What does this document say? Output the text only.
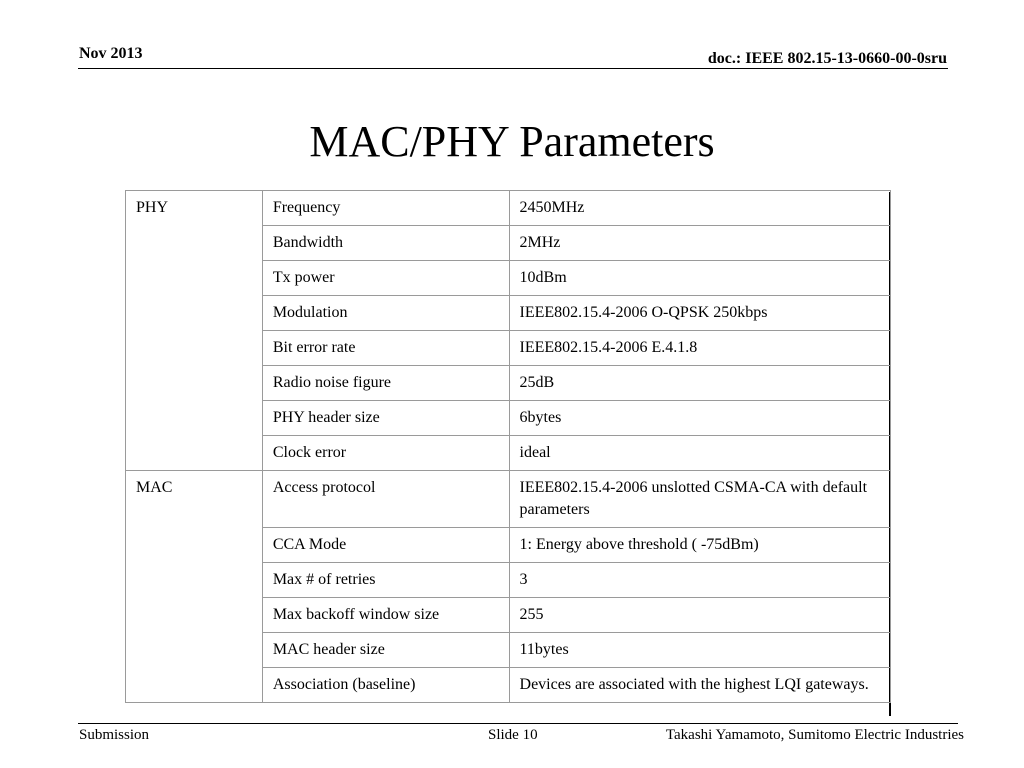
Nov 2013	doc.: IEEE 802.15-13-0660-00-0sru
MAC/PHY Parameters
PHY	Frequency	2450MHz
	Bandwidth	2MHz
	Tx power	10dBm
	Modulation	IEEE802.15.4-2006 O-QPSK 250kbps
	Bit error rate	IEEE802.15.4-2006 E.4.1.8
	Radio noise figure	25dB
	PHY header size	6bytes
	Clock error	ideal
MAC	Access protocol	IEEE802.15.4-2006 unslotted CSMA-CA with default parameters
	CCA Mode	1: Energy above threshold ( -75dBm)
	Max # of retries	3
	Max backoff window size	255
	MAC header size	11bytes
	Association (baseline)	Devices are associated with the highest LQI gateways.
Submission	Slide 10	Takashi Yamamoto, Sumitomo Electric Industries
